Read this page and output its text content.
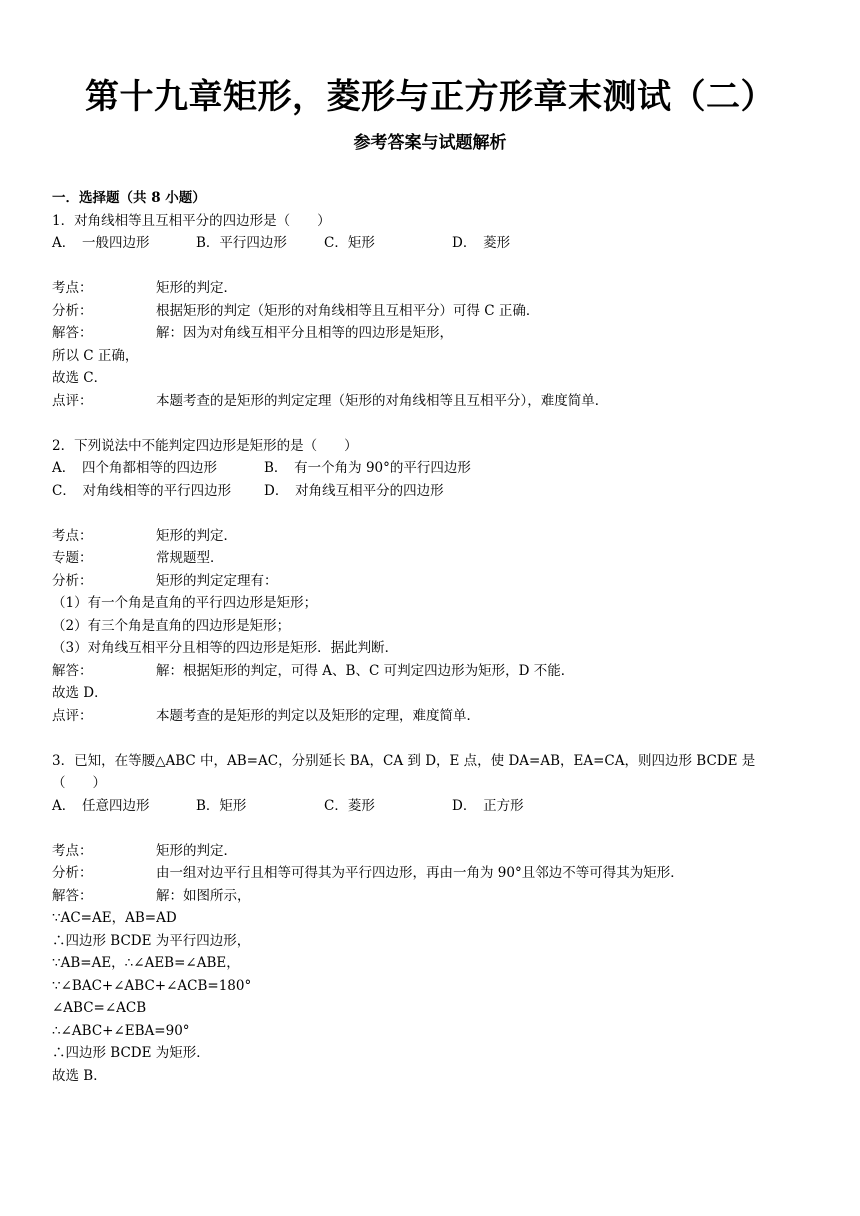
第十九章矩形，菱形与正方形章末测试（二）
参考答案与试题解析
一．选择题（共 8 小题）
1．对角线相等且互相平分的四边形是（　　）
A．　一般四边形	B．平行四边形	C．矩形	D．　菱形
考点：	矩形的判定．
分析：	根据矩形的判定（矩形的对角线相等且互相平分）可得 C 正确．
解答：	解：因为对角线互相平分且相等的四边形是矩形，
所以 C 正确，
故选 C．
点评：	本题考查的是矩形的判定定理（矩形的对角线相等且互相平分），难度简单．
2．下列说法中不能判定四边形是矩形的是（　　）
A．　四个角都相等的四边形	B．　有一个角为 90°的平行四边形
C．　对角线相等的平行四边形 D．　对角线互相平分的四边形
考点：	矩形的判定．
专题：	常规题型．
分析：	矩形的判定定理有：
（1）有一个角是直角的平行四边形是矩形；
（2）有三个角是直角的四边形是矩形；
（3）对角线互相平分且相等的四边形是矩形．据此判断．
解答：	解：根据矩形的判定，可得 A、B、C 可判定四边形为矩形，D 不能．
故选 D．
点评：	本题考查的是矩形的判定以及矩形的定理，难度简单．
3．已知，在等腰△ABC 中，AB=AC，分别延长 BA，CA 到 D，E 点，使 DA=AB，EA=CA，则四边形 BCDE 是
（　　）
A．　任意四边形	B．矩形	C．菱形	D．　正方形
考点：	矩形的判定．
分析：	由一组对边平行且相等可得其为平行四边形，再由一角为 90°且邻边不等可得其为矩形．
解答：	解：如图所示，
∵AC=AE，AB=AD
∴四边形 BCDE 为平行四边形，
∵AB=AE，∴∠AEB=∠ABE，
∵∠BAC+∠ABC+∠ACB=180°
∠ABC=∠ACB
∴∠ABC+∠EBA=90°
∴四边形 BCDE 为矩形．
故选 B．
